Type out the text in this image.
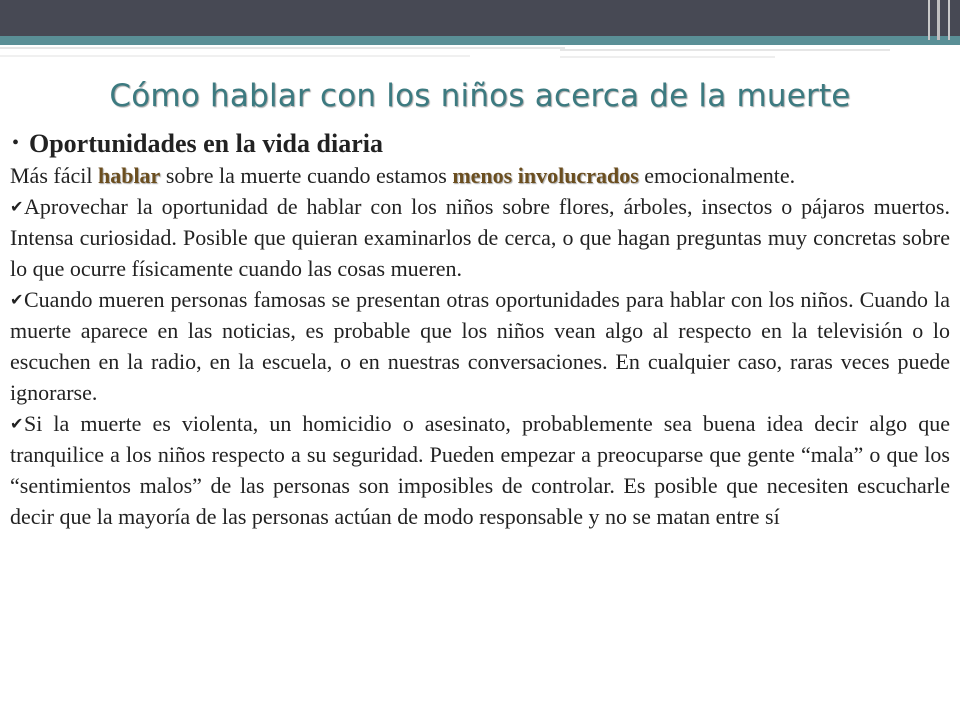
Cómo hablar con los niños acerca de la muerte
• Oportunidades en la vida diaria

Más fácil hablar sobre la muerte cuando estamos menos involucrados emocionalmente.

✔Aprovechar la oportunidad de hablar con los niños sobre flores, árboles, insectos o pájaros muertos. Intensa curiosidad. Posible que quieran examinarlos de cerca, o que hagan preguntas muy concretas sobre lo que ocurre físicamente cuando las cosas mueren.

✔Cuando mueren personas famosas se presentan otras oportunidades para hablar con los niños. Cuando la muerte aparece en las noticias, es probable que los niños vean algo al respecto en la televisión o lo escuchen en la radio, en la escuela, o en nuestras conversaciones. En cualquier caso, raras veces puede ignorarse.

✔Si la muerte es violenta, un homicidio o asesinato, probablemente sea buena idea decir algo que tranquilice a los niños respecto a su seguridad. Pueden empezar a preocuparse que gente “mala” o que los “sentimientos malos” de las personas son imposibles de controlar. Es posible que necesiten escucharle decir que la mayoría de las personas actúan de modo responsable y no se matan entre sí
